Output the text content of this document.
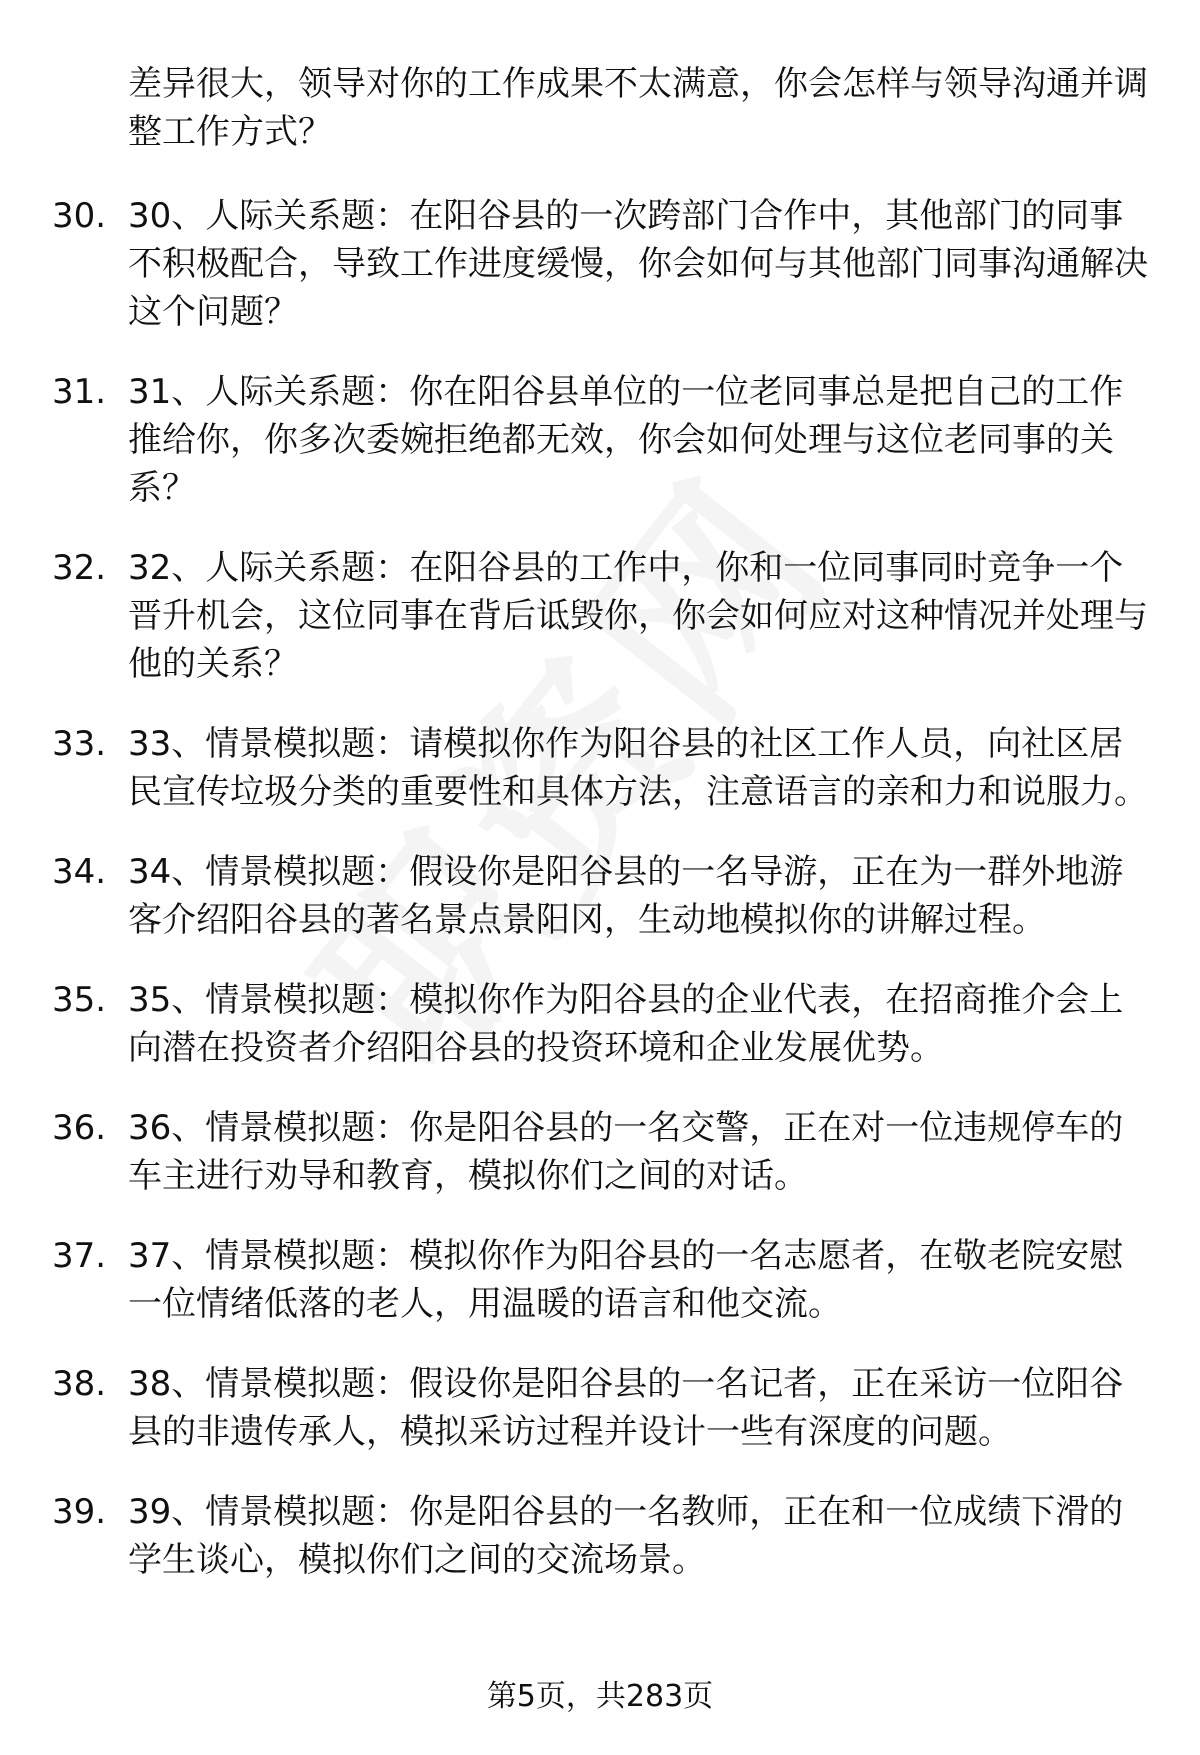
差异很大，领导对你的工作成果不太满意，你会怎样与领导沟通并调整工作方式？
30. 30、人际关系题：在阳谷县的一次跨部门合作中，其他部门的同事不积极配合，导致工作进度缓慢，你会如何与其他部门同事沟通解决这个问题？
31. 31、人际关系题：你在阳谷县单位的一位老同事总是把自己的工作推给你，你多次委婉拒绝都无效，你会如何处理与这位老同事的关系？
32. 32、人际关系题：在阳谷县的工作中，你和一位同事同时竞争一个晋升机会，这位同事在背后诋毁你，你会如何应对这种情况并处理与他的关系？
33. 33、情景模拟题：请模拟你作为阳谷县的社区工作人员，向社区居民宣传垃圾分类的重要性和具体方法，注意语言的亲和力和说服力。
34. 34、情景模拟题：假设你是阳谷县的一名导游，正在为一群外地游客介绍阳谷县的著名景点景阳冈，生动地模拟你的讲解过程。
35. 35、情景模拟题：模拟你作为阳谷县的企业代表，在招商推介会上向潜在投资者介绍阳谷县的投资环境和企业发展优势。
36. 36、情景模拟题：你是阳谷县的一名交警，正在对一位违规停车的车主进行劝导和教育，模拟你们之间的对话。
37. 37、情景模拟题：模拟你作为阳谷县的一名志愿者，在敬老院安慰一位情绪低落的老人，用温暖的语言和他交流。
38. 38、情景模拟题：假设你是阳谷县的一名记者，正在采访一位阳谷县的非遗传承人，模拟采访过程并设计一些有深度的问题。
39. 39、情景模拟题：你是阳谷县的一名教师，正在和一位成绩下滑的学生谈心，模拟你们之间的交流场景。
第5页，共283页
